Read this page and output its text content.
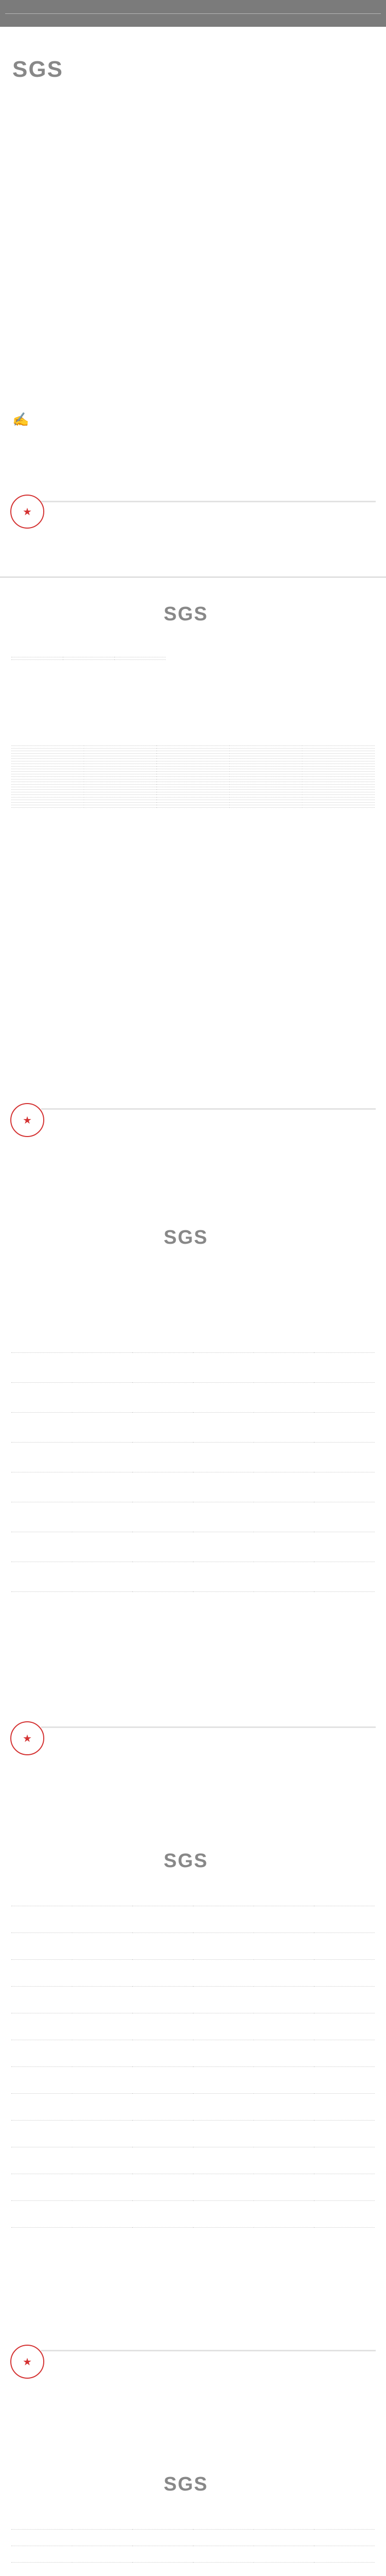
SGS
✍
★
SGS

★
SGS

★
SGS

★
SGS
